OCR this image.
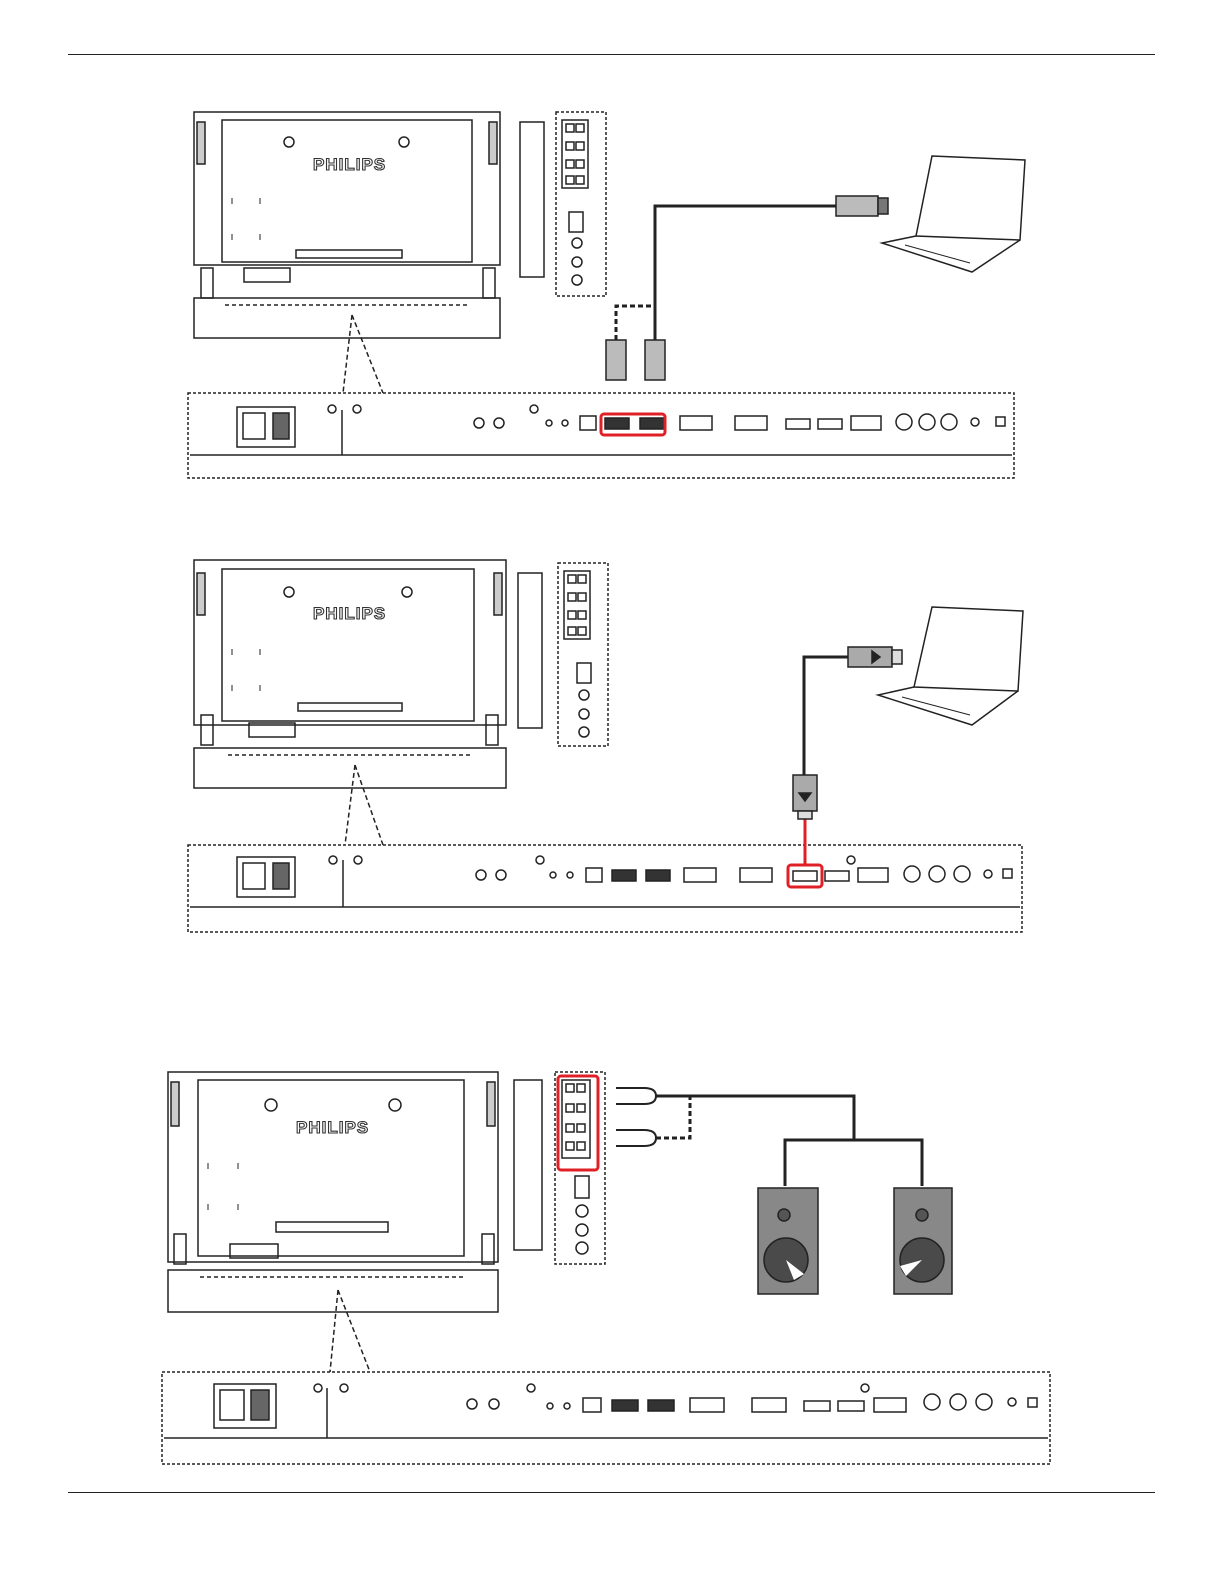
PHILIPS
PHILIPS
PHILIPS
